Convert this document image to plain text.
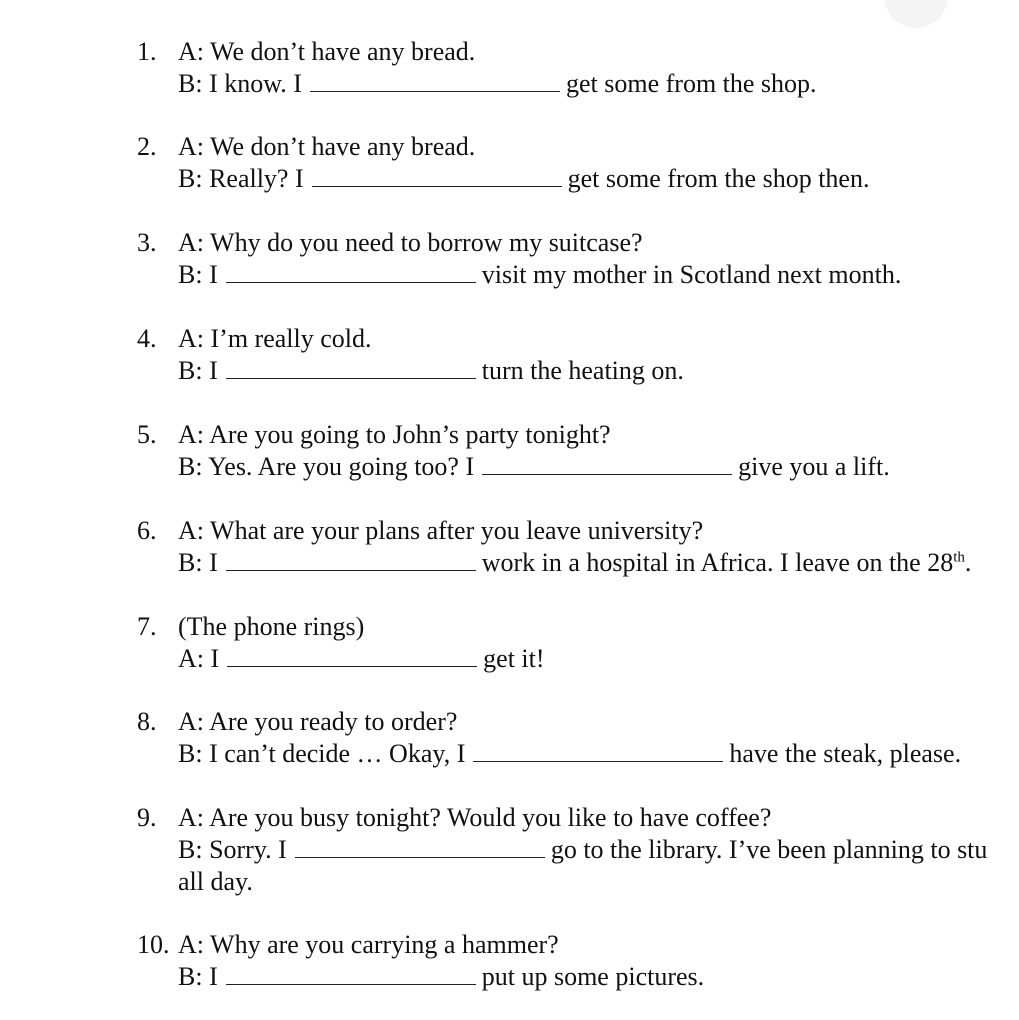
1. A: We don’t have any bread.
B: I know. I	get some from the shop.
2. A: We don’t have any bread.
B: Really? I	get some from the shop then.
3. A: Why do you need to borrow my suitcase?
B: I	visit my mother in Scotland next month.
4. A: I’m really cold.
B: I	turn the heating on.
5. A: Are you going to John’s party tonight?
B: Yes. Are you going too? I	give you a lift.
6. A: What are your plans after you leave university?
B: I	work in a hospital in Africa. I leave on the 28th.
7. (The phone rings)
A: I	get it!
8. A: Are you ready to order?
B: I can’t decide … Okay, I	have the steak, please.
9. A: Are you busy tonight? Would you like to have coffee?
B: Sorry. I	go to the library. I’ve been planning to stu
all day.
10. A: Why are you carrying a hammer?
B: I	put up some pictures.
